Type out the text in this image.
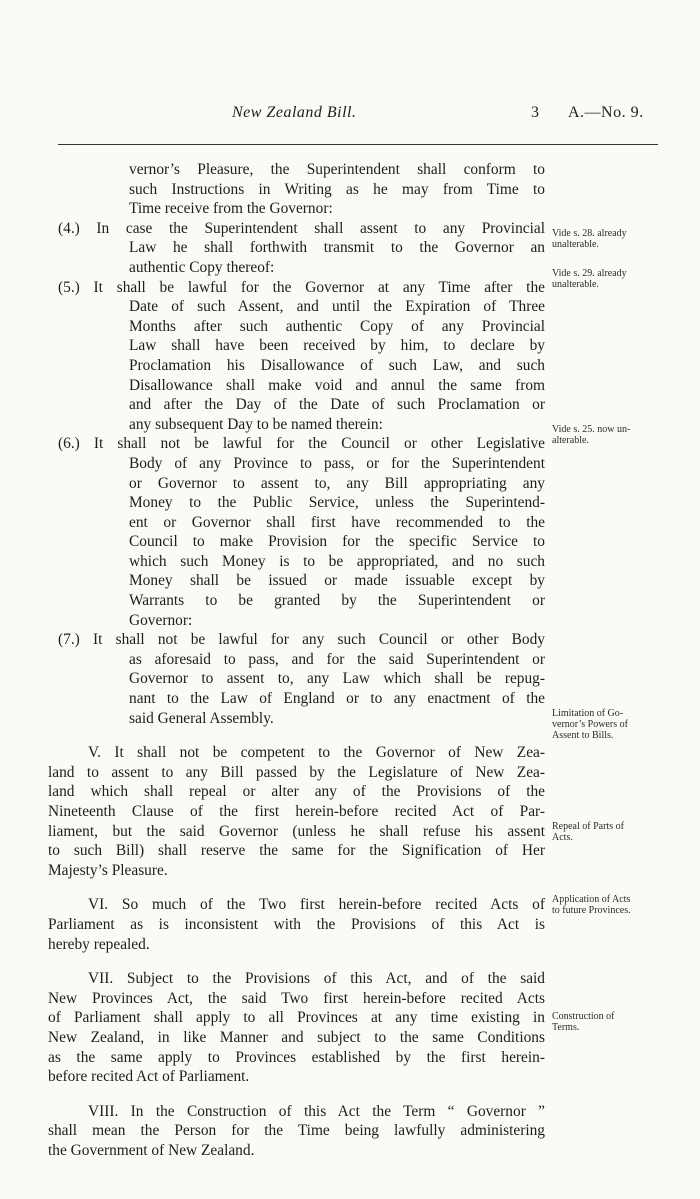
New Zealand Bill.	3 A.—No. 9.
vernor’s Pleasure, the Superintendent shall conform to
such Instructions in Writing as he may from Time to
Time receive from the Governor:
(4.) In case the Superintendent shall assent to any Provincial
Law he shall forthwith transmit to the Governor an
authentic Copy thereof:
(5.) It shall be lawful for the Governor at any Time after the
Date of such Assent, and until the Expiration of Three
Months after such authentic Copy of any Provincial
Law shall have been received by him, to declare by
Proclamation his Disallowance of such Law, and such
Disallowance shall make void and annul the same from
and after the Day of the Date of such Proclamation or
any subsequent Day to be named therein:
(6.) It shall not be lawful for the Council or other Legislative
Body of any Province to pass, or for the Superintendent
or Governor to assent to, any Bill appropriating any
Money to the Public Service, unless the Superintend-
ent or Governor shall first have recommended to the
Council to make Provision for the specific Service to
which such Money is to be appropriated, and no such
Money shall be issued or made issuable except by
Warrants to be granted by the Superintendent or
Governor:
(7.) It shall not be lawful for any such Council or other Body
as aforesaid to pass, and for the said Superintendent or
Governor to assent to, any Law which shall be repug-
nant to the Law of England or to any enactment of the
said General Assembly.
V. It shall not be competent to the Governor of New Zea-
land to assent to any Bill passed by the Legislature of New Zea-
land which shall repeal or alter any of the Provisions of the
Nineteenth Clause of the first herein-before recited Act of Par-
liament, but the said Governor (unless he shall refuse his assent
to such Bill) shall reserve the same for the Signification of Her
Majesty’s Pleasure.
VI. So much of the Two first herein-before recited Acts of
Parliament as is inconsistent with the Provisions of this Act is
hereby repealed.
VII. Subject to the Provisions of this Act, and of the said
New Provinces Act, the said Two first herein-before recited Acts
of Parliament shall apply to all Provinces at any time existing in
New Zealand, in like Manner and subject to the same Conditions
as the same apply to Provinces established by the first herein-
before recited Act of Parliament.
VIII. In the Construction of this Act the Term “ Governor ”
shall mean the Person for the Time being lawfully administering
the Government of New Zealand.
Vide s. 28. already
unalterable.
Vide s. 29. already
unalterable.
Vide s. 25. now un-
alterable.
Limitation of Go-
vernor’s Powers of
Assent to Bills.
Repeal of Parts of
Acts.
Application of Acts
to future Provinces.
Construction of
Terms.
